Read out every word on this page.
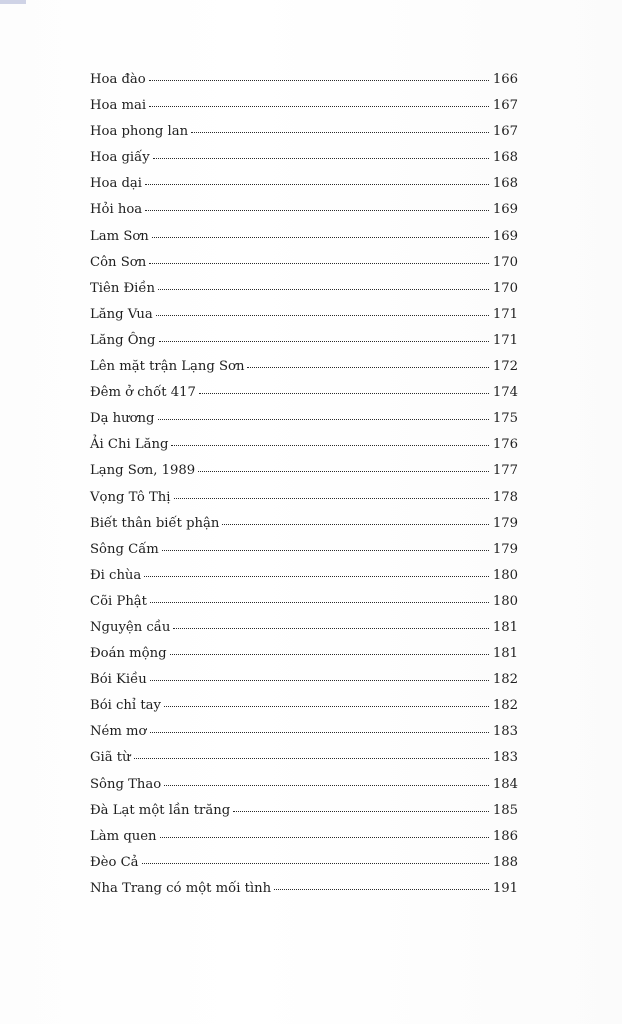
Hoa đào	166
Hoa mai	167
Hoa phong lan	167
Hoa giấy	168
Hoa dại	168
Hỏi hoa	169
Lam Sơn	169
Côn Sơn	170
Tiên Điền	170
Lăng Vua	171
Lăng Ông	171
Lên mặt trận Lạng Sơn	172
Đêm ở chốt 417	174
Dạ hương	175
Ải Chi Lăng	176
Lạng Sơn, 1989	177
Vọng Tô Thị	178
Biết thân biết phận	179
Sông Cấm	179
Đi chùa	180
Cõi Phật	180
Nguyện cầu	181
Đoán mộng	181
Bói Kiều	182
Bói chỉ tay	182
Ném mơ	183
Giã từ	183
Sông Thao	184
Đà Lạt một lần trăng	185
Làm quen	186
Đèo Cả	188
Nha Trang có một mối tình	191
